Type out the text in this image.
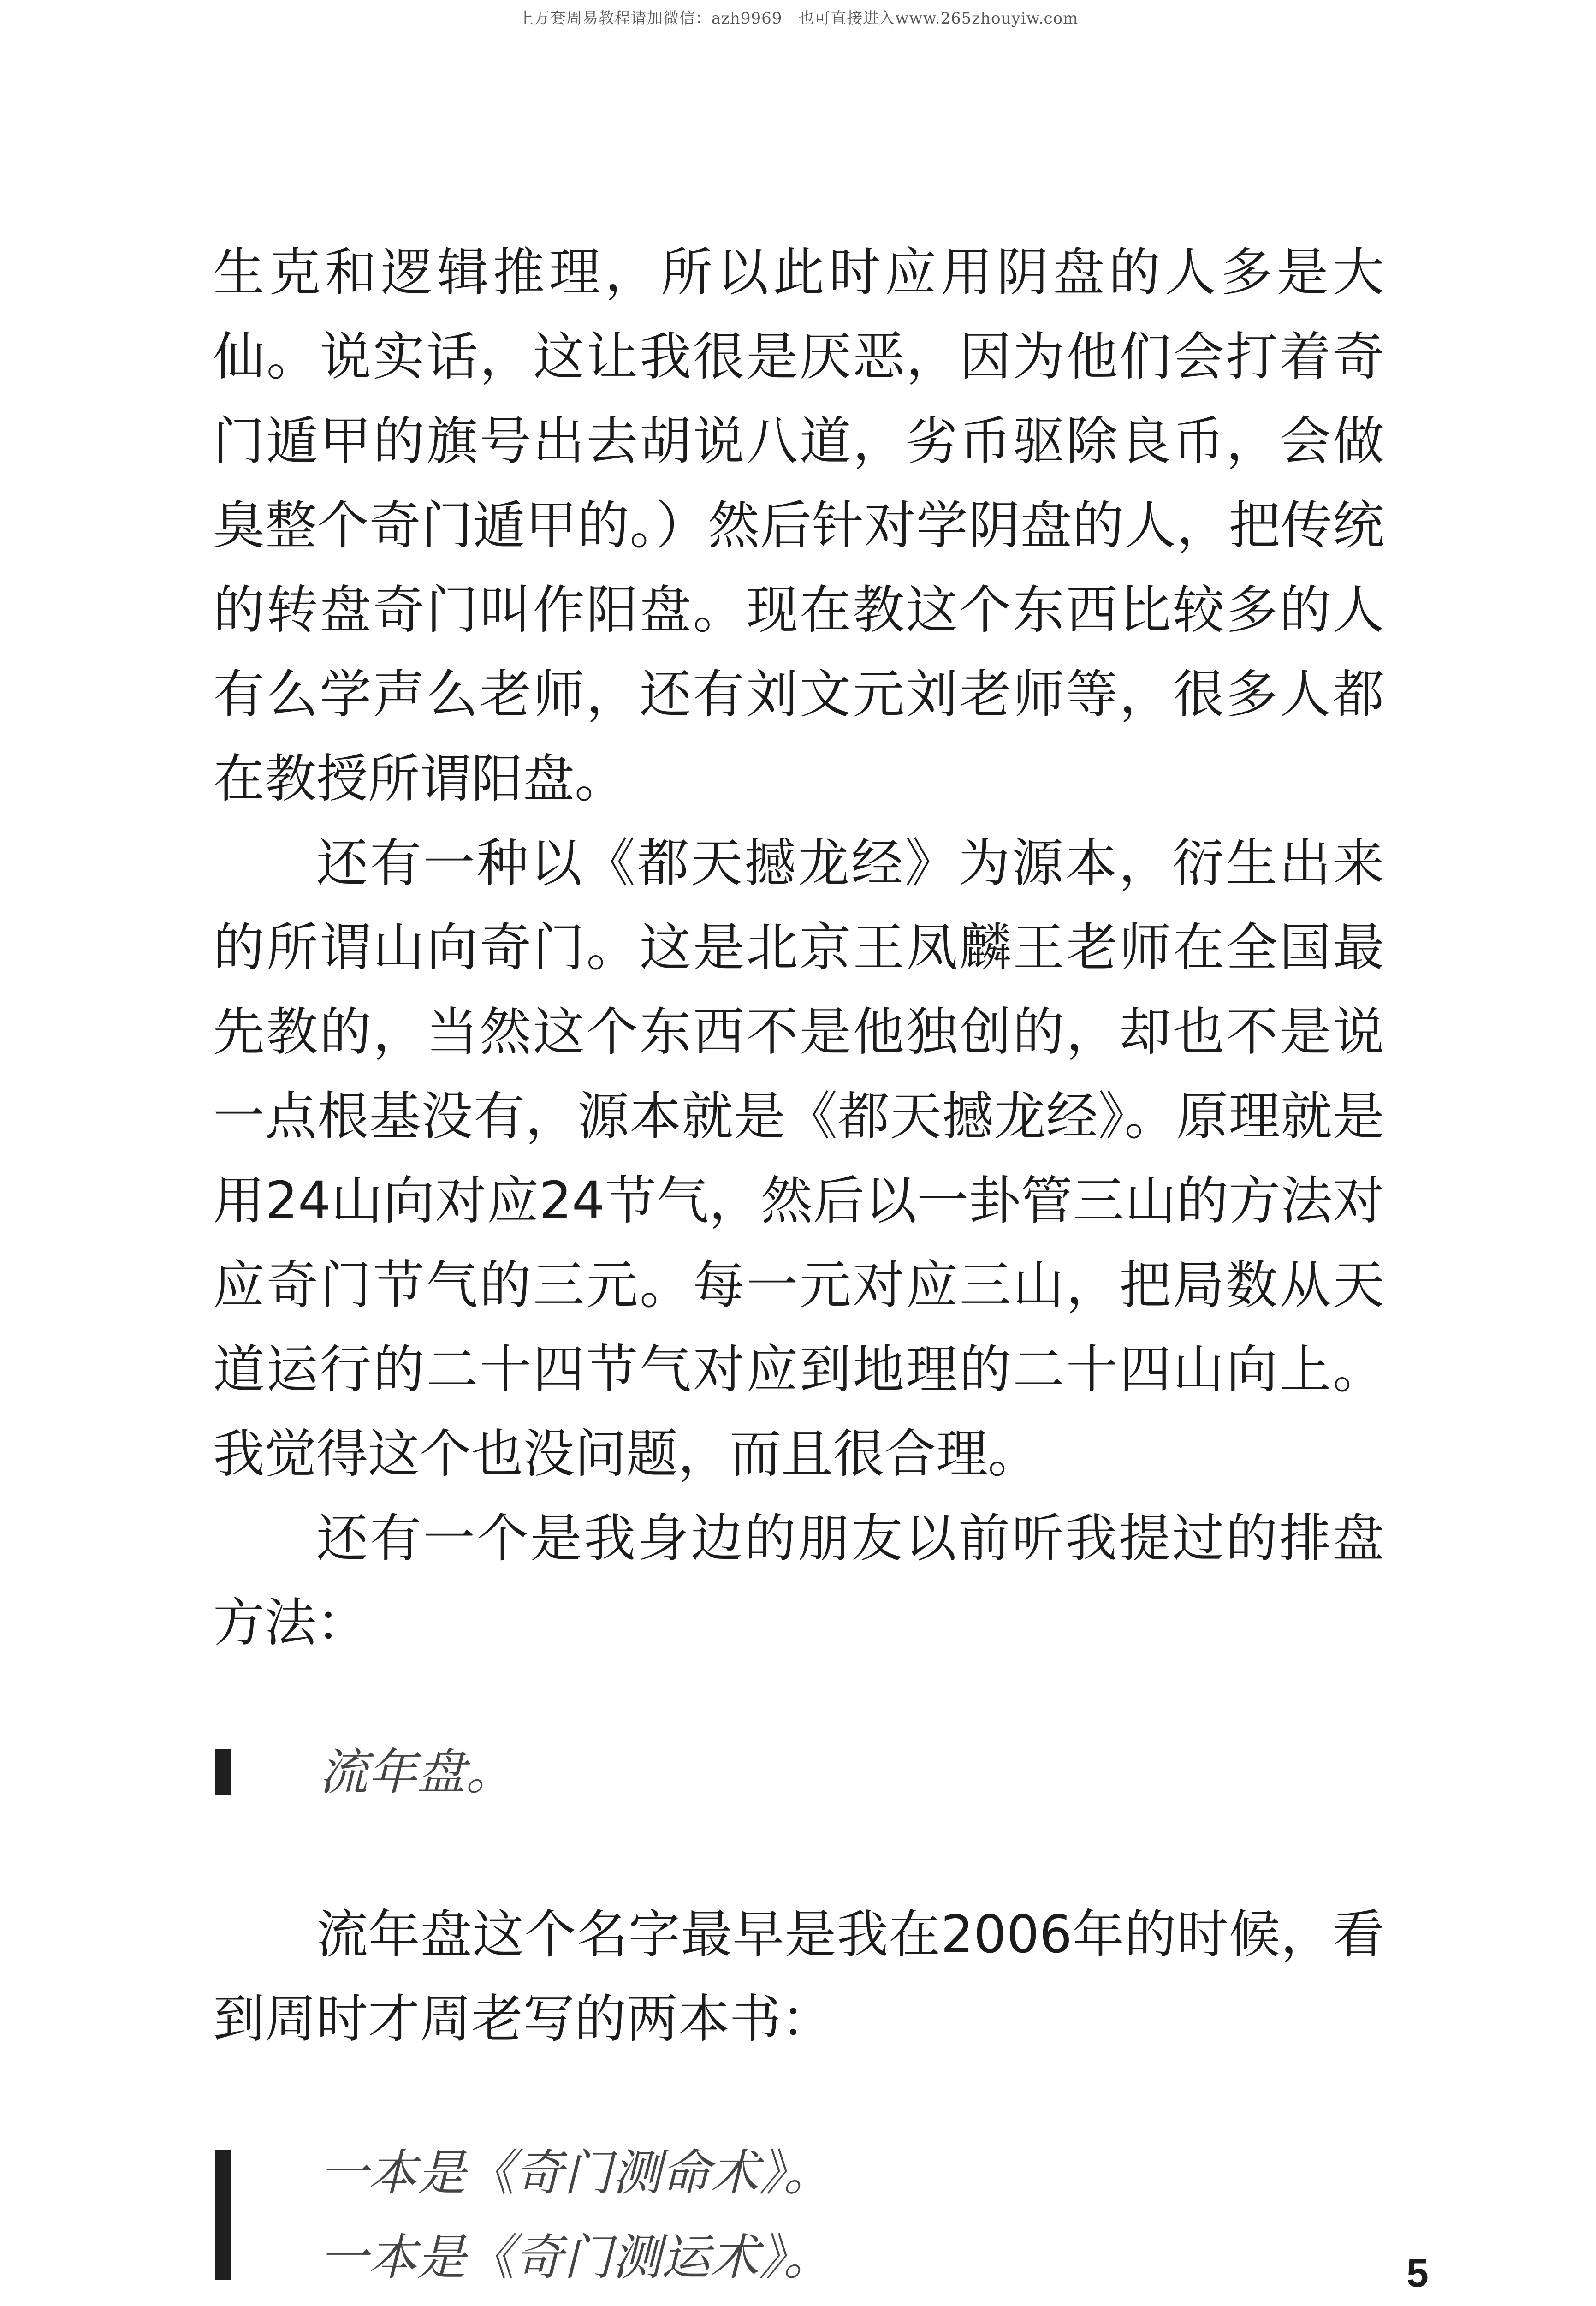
上万套周易教程请加微信：azh9969　也可直接进入www.265zhouyiw.com

生克和逻辑推理，所以此时应用阴盘的人多是大仙。说实话，这让我很是厌恶，因为他们会打着奇门遁甲的旗号出去胡说八道，劣币驱除良币，会做臭整个奇门遁甲的。）然后针对学阴盘的人，把传统的转盘奇门叫作阳盘。现在教这个东西比较多的人有么学声么老师，还有刘文元刘老师等，很多人都在教授所谓阳盘。

还有一种以《都天撼龙经》为源本，衍生出来的所谓山向奇门。这是北京王凤麟王老师在全国最先教的，当然这个东西不是他独创的，却也不是说一点根基没有，源本就是《都天撼龙经》。原理就是用24山向对应24节气，然后以一卦管三山的方法对应奇门节气的三元。每一元对应三山，把局数从天道运行的二十四节气对应到地理的二十四山向上。我觉得这个也没问题，而且很合理。

还有一个是我身边的朋友以前听我提过的排盘方法：

流年盘。

流年盘这个名字最早是我在2006年的时候，看到周时才周老写的两本书：

一本是《奇门测命术》。
一本是《奇门测运术》。	5
